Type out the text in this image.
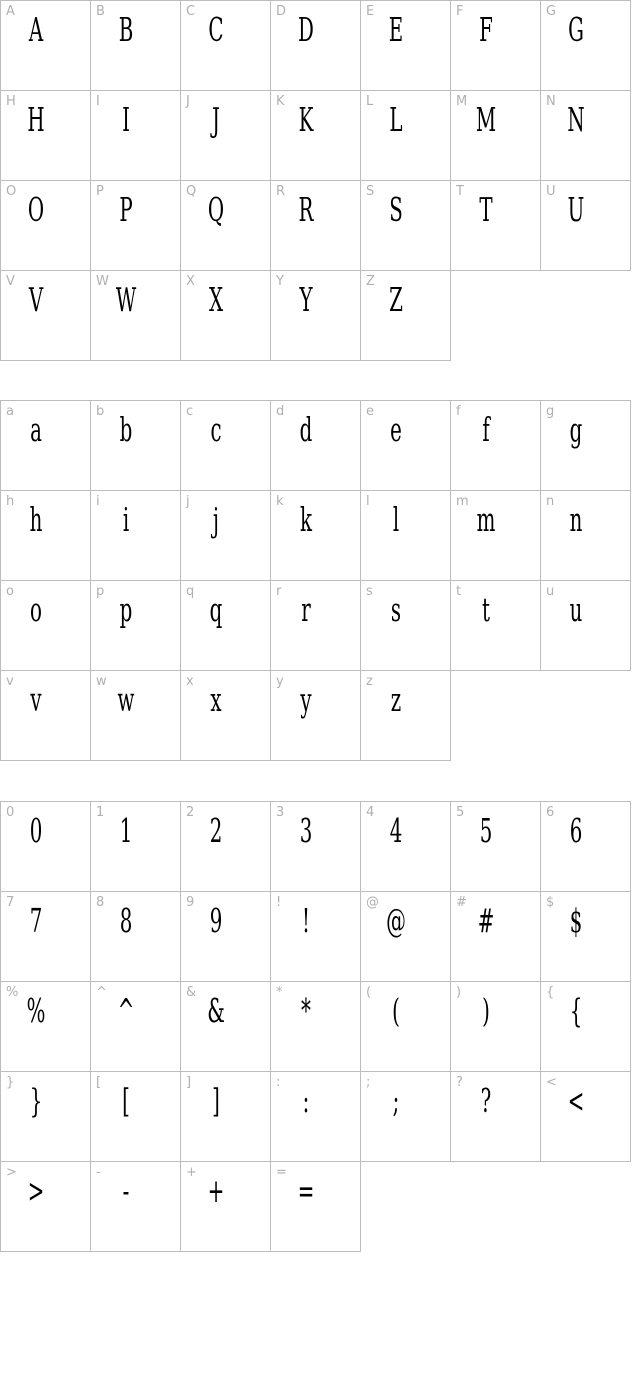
A A	B B	C C	D D	E E	F F	G G
H H	I I	J J	K K	L L	M M	N N
O O	P P	Q Q	R R	S S	T T	U U
V V	W W	X X	Y Y	Z Z
a a	b b	c c	d d	e e	f f	g g
h h	i i	j j	k k	l l	m m	n n
o o	p p	q q	r r	s s	t t	u u
v v	w w	x x	y y	z z
0 0	1 1	2 2	3 3	4 4	5 5	6 6
7 7	8 8	9 9	! !	@ @	# #	$ $
% %	^ ^	& &	* *	( (	) )	{ {
} }	[ [	] ]	: :	; ;	? ?	< <
> >	- -	+ +	= =
